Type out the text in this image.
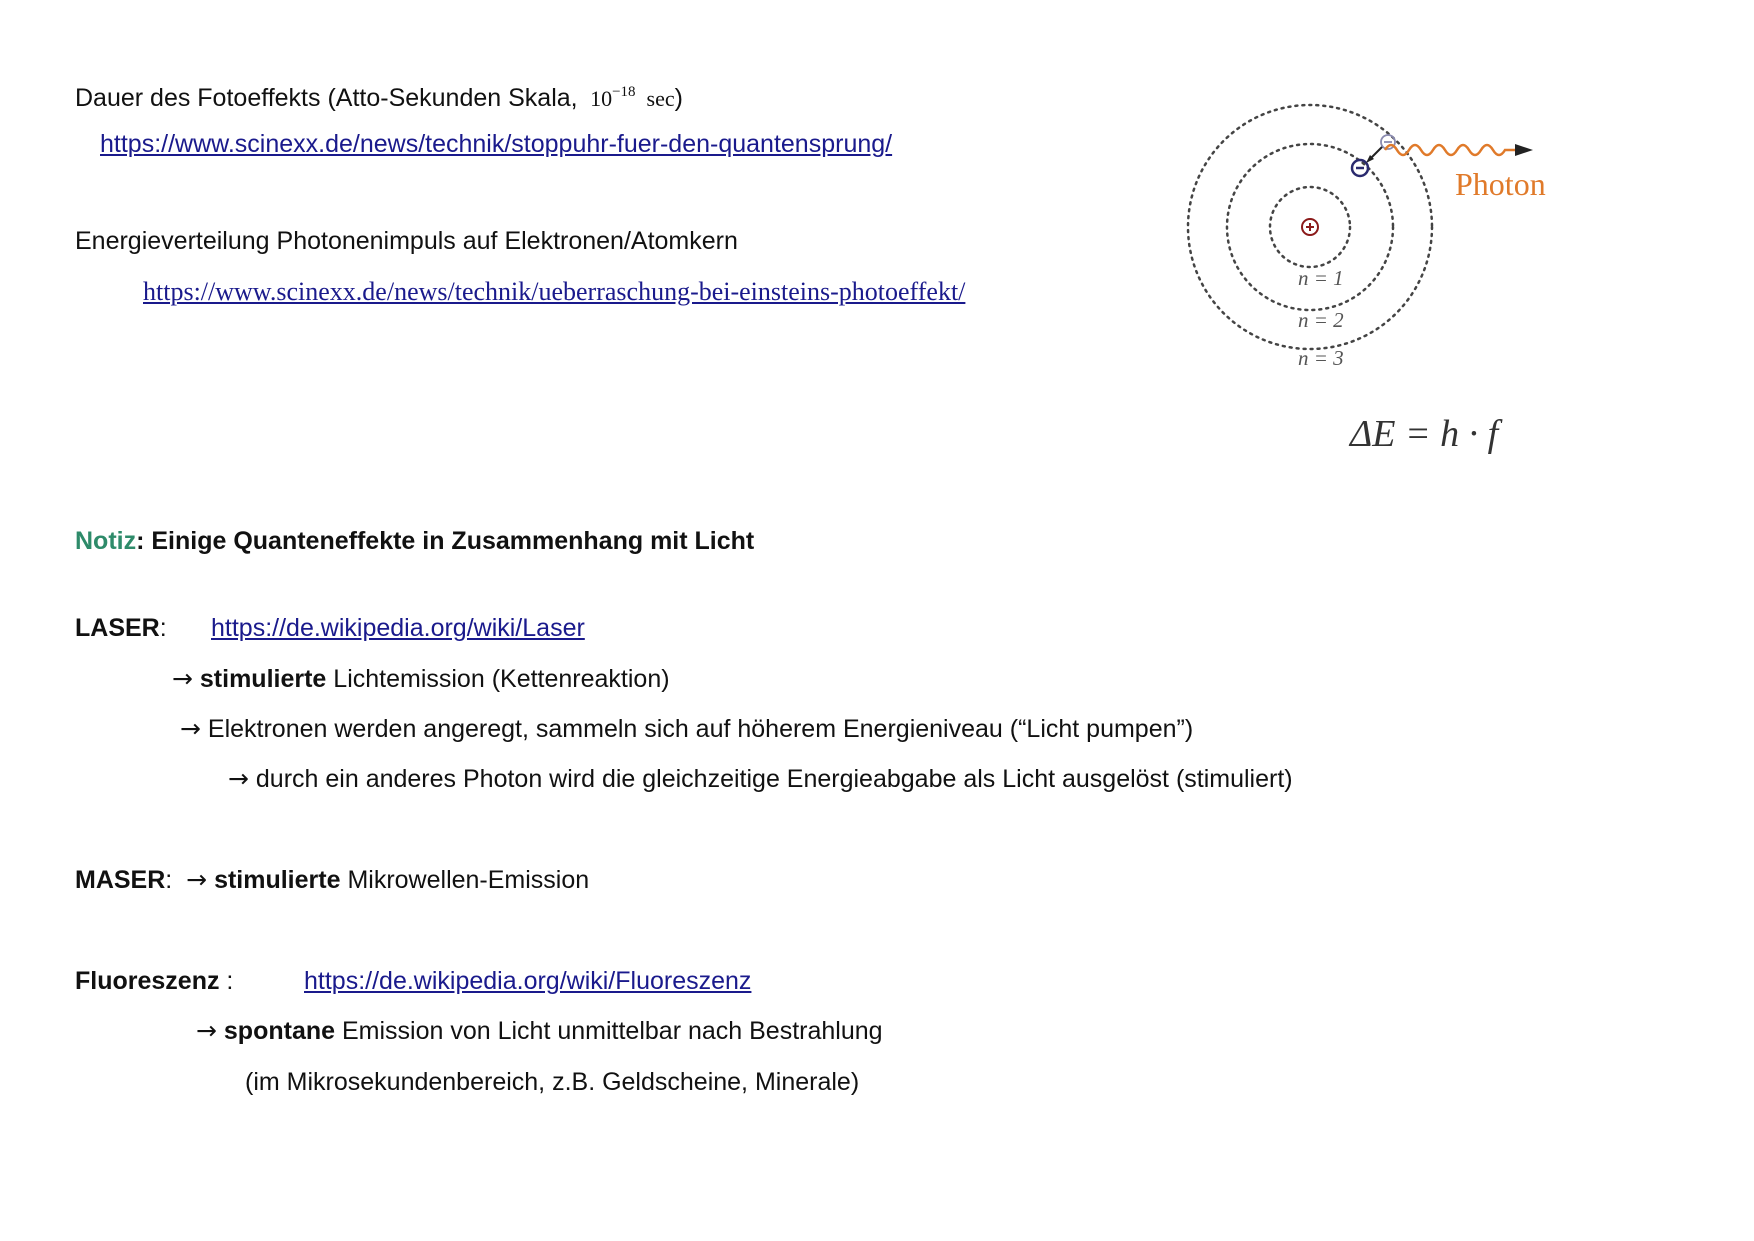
Dauer des Fotoeffekts (Atto-Sekunden Skala, $10^{-18}$ sec)
https://www.scinexx.de/news/technik/stoppuhr-fuer-den-quantensprung/
Energieverteilung Photonenimpuls auf Elektronen/Atomkern
https://www.scinexx.de/news/technik/ueberraschung-bei-einsteins-photoeffekt/
Photon
n = 1
n = 2
n = 3
ΔE = h · f
Notiz: Einige Quanteneffekte in Zusammenhang mit Licht
LASER: https://de.wikipedia.org/wiki/Laser
→ stimulierte Lichtemission (Kettenreaktion)
→ Elektronen werden angeregt, sammeln sich auf höherem Energieniveau (“Licht pumpen”)
→ durch ein anderes Photon wird die gleichzeitige Energieabgabe als Licht ausgelöst (stimuliert)
MASER: → stimulierte Mikrowellen-Emission
Fluoreszenz :	https://de.wikipedia.org/wiki/Fluoreszenz
→ spontane Emission von Licht unmittelbar nach Bestrahlung
(im Mikrosekundenbereich, z.B. Geldscheine, Minerale)
